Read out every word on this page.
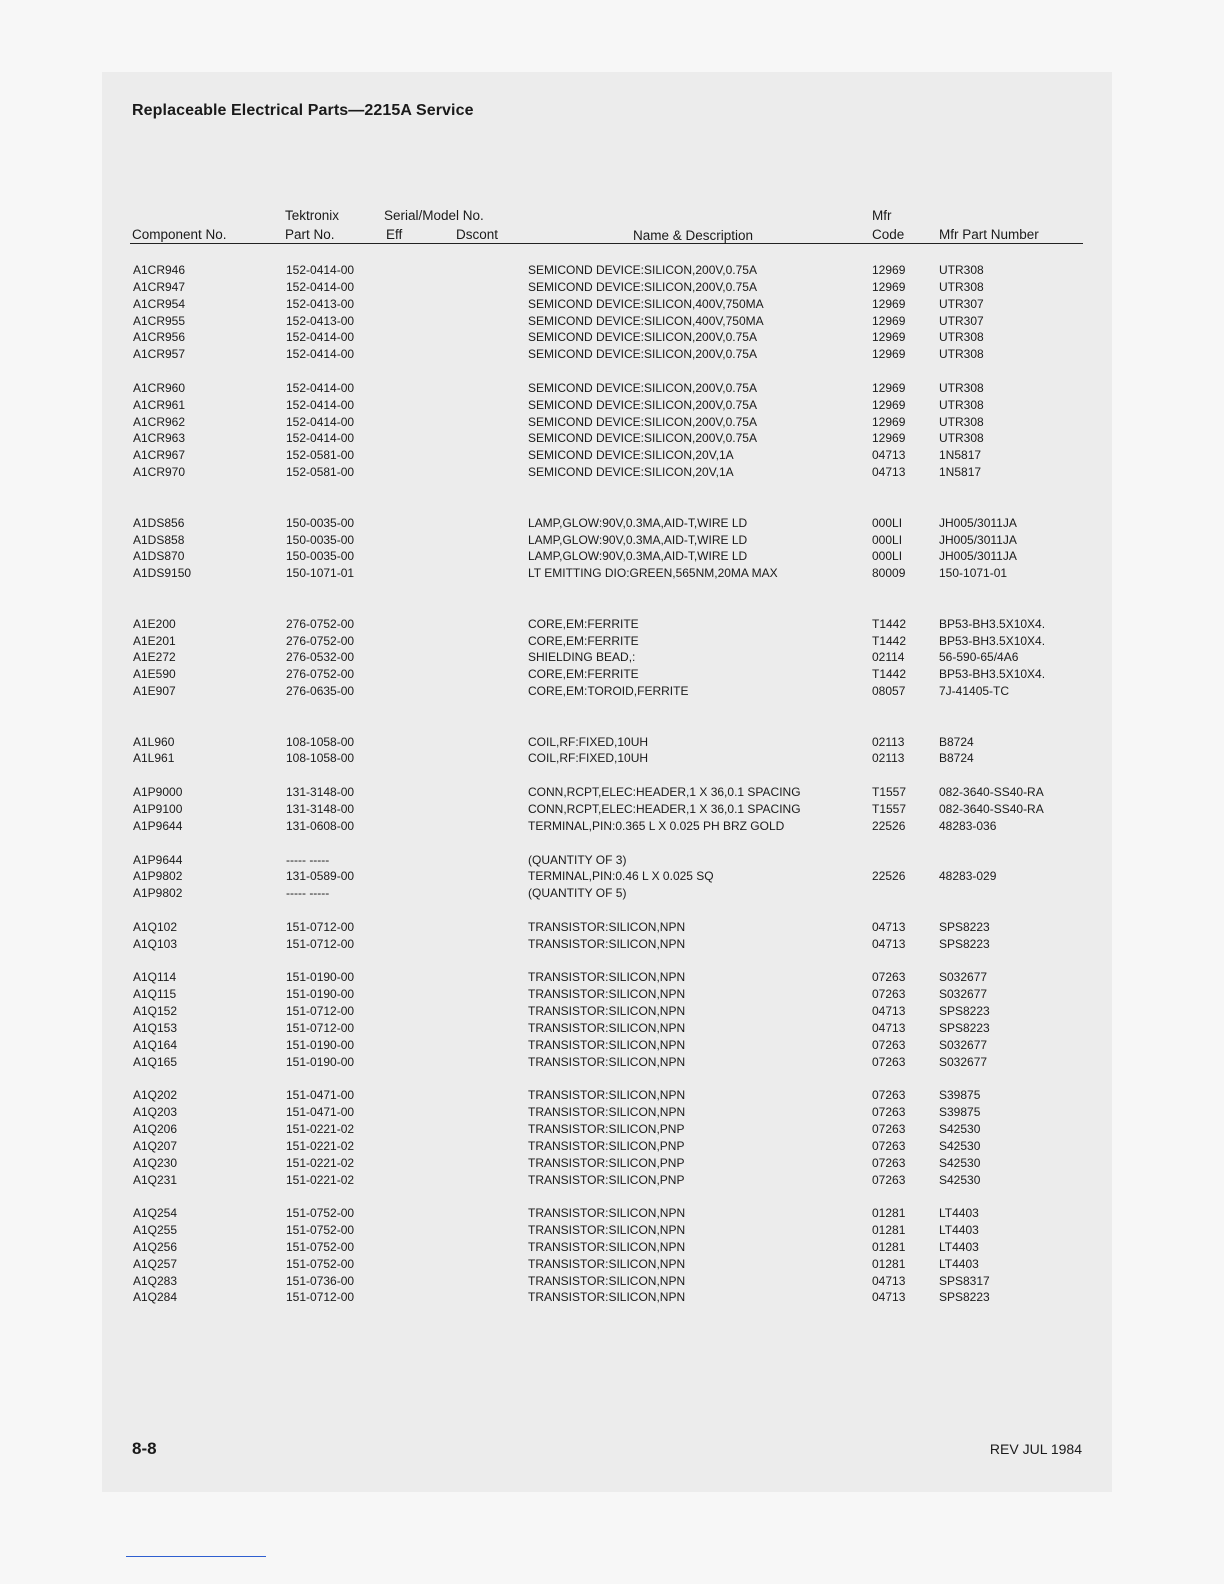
Replaceable Electrical Parts—2215A Service
Component No.
Tektronix
Part No.
Serial/Model No.
Eff	Dscont	Name & Description
Mfr
Code	Mfr Part Number
A1CR946	152-0414-00	SEMICOND DEVICE:SILICON,200V,0.75A	12969	UTR308
A1CR947	152-0414-00	SEMICOND DEVICE:SILICON,200V,0.75A	12969	UTR308
A1CR954	152-0413-00	SEMICOND DEVICE:SILICON,400V,750MA	12969	UTR307
A1CR955	152-0413-00	SEMICOND DEVICE:SILICON,400V,750MA	12969	UTR307
A1CR956	152-0414-00	SEMICOND DEVICE:SILICON,200V,0.75A	12969	UTR308
A1CR957	152-0414-00	SEMICOND DEVICE:SILICON,200V,0.75A	12969	UTR308
A1CR960	152-0414-00	SEMICOND DEVICE:SILICON,200V,0.75A	12969	UTR308
A1CR961	152-0414-00	SEMICOND DEVICE:SILICON,200V,0.75A	12969	UTR308
A1CR962	152-0414-00	SEMICOND DEVICE:SILICON,200V,0.75A	12969	UTR308
A1CR963	152-0414-00	SEMICOND DEVICE:SILICON,200V,0.75A	12969	UTR308
A1CR967	152-0581-00	SEMICOND DEVICE:SILICON,20V,1A	04713	1N5817
A1CR970	152-0581-00	SEMICOND DEVICE:SILICON,20V,1A	04713	1N5817
A1DS856	150-0035-00	LAMP,GLOW:90V,0.3MA,AID-T,WIRE LD	000LI	JH005/3011JA
A1DS858	150-0035-00	LAMP,GLOW:90V,0.3MA,AID-T,WIRE LD	000LI	JH005/3011JA
A1DS870	150-0035-00	LAMP,GLOW:90V,0.3MA,AID-T,WIRE LD	000LI	JH005/3011JA
A1DS9150	150-1071-01	LT EMITTING DIO:GREEN,565NM,20MA MAX	80009	150-1071-01
A1E200	276-0752-00	CORE,EM:FERRITE	T1442	BP53-BH3.5X10X4.
A1E201	276-0752-00	CORE,EM:FERRITE	T1442	BP53-BH3.5X10X4.
A1E272	276-0532-00	SHIELDING BEAD,:	02114	56-590-65/4A6
A1E590	276-0752-00	CORE,EM:FERRITE	T1442	BP53-BH3.5X10X4.
A1E907	276-0635-00	CORE,EM:TOROID,FERRITE	08057	7J-41405-TC
A1L960	108-1058-00	COIL,RF:FIXED,10UH	02113	B8724
A1L961	108-1058-00	COIL,RF:FIXED,10UH	02113	B8724
A1P9000	131-3148-00	CONN,RCPT,ELEC:HEADER,1 X 36,0.1 SPACING	T1557	082-3640-SS40-RA
A1P9100	131-3148-00	CONN,RCPT,ELEC:HEADER,1 X 36,0.1 SPACING	T1557	082-3640-SS40-RA
A1P9644	131-0608-00	TERMINAL,PIN:0.365 L X 0.025 PH BRZ GOLD	22526	48283-036
A1P9644	----- -----	(QUANTITY OF 3)
A1P9802	131-0589-00	TERMINAL,PIN:0.46 L X 0.025 SQ	22526	48283-029
A1P9802	----- -----	(QUANTITY OF 5)
A1Q102	151-0712-00	TRANSISTOR:SILICON,NPN	04713	SPS8223
A1Q103	151-0712-00	TRANSISTOR:SILICON,NPN	04713	SPS8223
A1Q114	151-0190-00	TRANSISTOR:SILICON,NPN	07263	S032677
A1Q115	151-0190-00	TRANSISTOR:SILICON,NPN	07263	S032677
A1Q152	151-0712-00	TRANSISTOR:SILICON,NPN	04713	SPS8223
A1Q153	151-0712-00	TRANSISTOR:SILICON,NPN	04713	SPS8223
A1Q164	151-0190-00	TRANSISTOR:SILICON,NPN	07263	S032677
A1Q165	151-0190-00	TRANSISTOR:SILICON,NPN	07263	S032677
A1Q202	151-0471-00	TRANSISTOR:SILICON,NPN	07263	S39875
A1Q203	151-0471-00	TRANSISTOR:SILICON,NPN	07263	S39875
A1Q206	151-0221-02	TRANSISTOR:SILICON,PNP	07263	S42530
A1Q207	151-0221-02	TRANSISTOR:SILICON,PNP	07263	S42530
A1Q230	151-0221-02	TRANSISTOR:SILICON,PNP	07263	S42530
A1Q231	151-0221-02	TRANSISTOR:SILICON,PNP	07263	S42530
A1Q254	151-0752-00	TRANSISTOR:SILICON,NPN	01281	LT4403
A1Q255	151-0752-00	TRANSISTOR:SILICON,NPN	01281	LT4403
A1Q256	151-0752-00	TRANSISTOR:SILICON,NPN	01281	LT4403
A1Q257	151-0752-00	TRANSISTOR:SILICON,NPN	01281	LT4403
A1Q283	151-0736-00	TRANSISTOR:SILICON,NPN	04713	SPS8317
A1Q284	151-0712-00	TRANSISTOR:SILICON,NPN	04713	SPS8223
8-8	REV JUL 1984
